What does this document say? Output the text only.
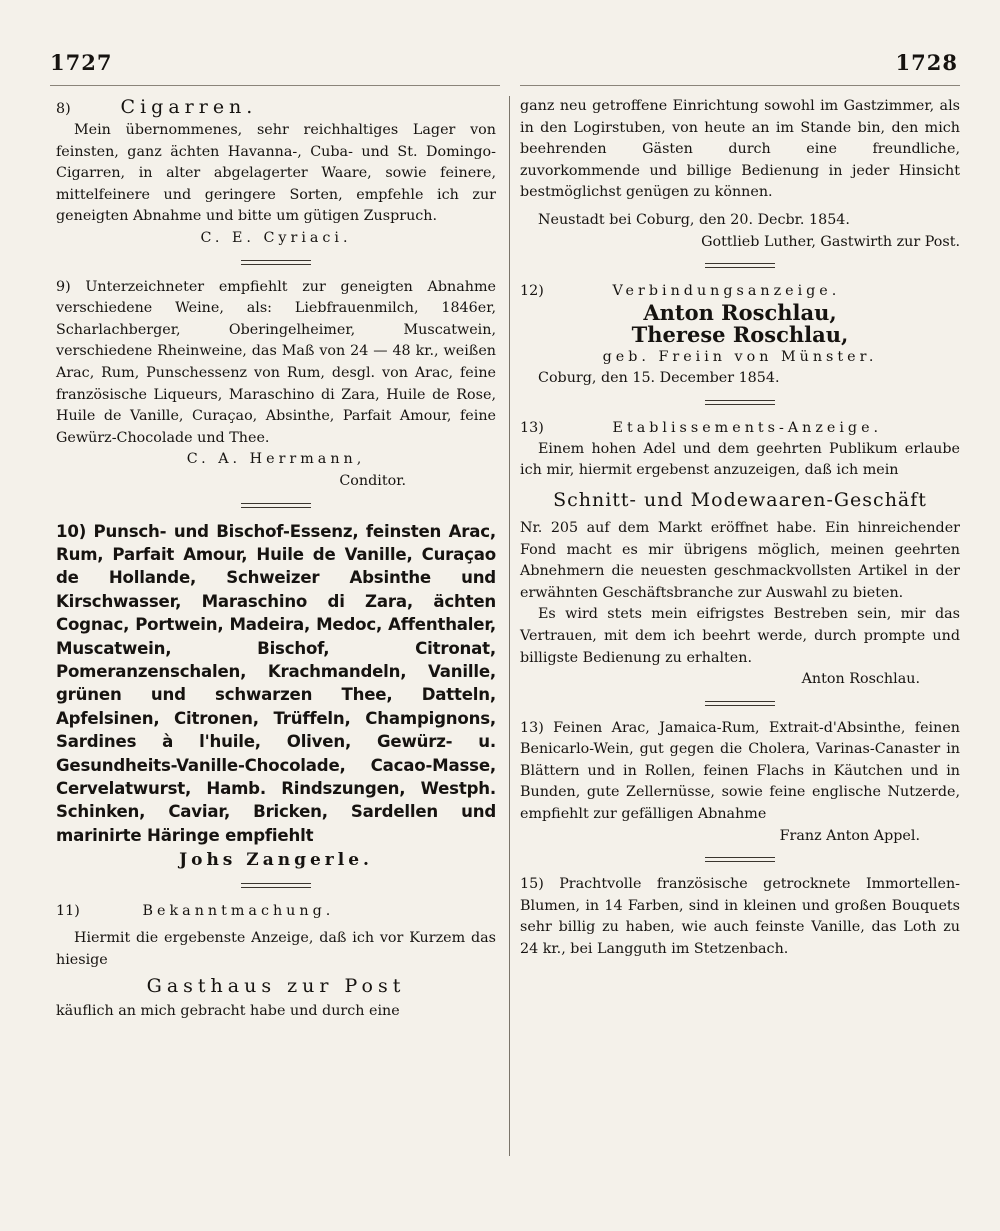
1727	1728

8)	Cigarren.

Mein übernommenes, sehr reichhaltiges Lager von feinsten, ganz ächten Havanna-, Cuba- und St. Domingo-Cigarren, in alter abgelagerter Waare, sowie feinere, mittelfeinere und geringere Sorten, empfehle ich zur geneigten Abnahme und bitte um gütigen Zuspruch.

C. E. Cyriaci.

9) Unterzeichneter empfiehlt zur geneigten Abnahme verschiedene Weine, als: Liebfrauenmilch, 1846er, Scharlachberger, Oberingelheimer, Muscatwein, verschiedene Rheinweine, das Maß von 24 — 48 kr., weißen Arac, Rum, Punschessenz von Rum, desgl. von Arac, feine französische Liqueurs, Maraschino di Zara, Huile de Rose, Huile de Vanille, Curaçao, Absinthe, Parfait Amour, feine Gewürz-Chocolade und Thee.

C. A. Herrmann,

Conditor.

10) Punsch- und Bischof-Essenz, feinsten Arac, Rum, Parfait Amour, Huile de Vanille, Curaçao de Hollande, Schweizer Absinthe und Kirschwasser, Maraschino di Zara, ächten Cognac, Portwein, Madeira, Medoc, Affenthaler, Muscatwein, Bischof, Citronat, Pomeranzenschalen, Krachmandeln, Vanille, grünen und schwarzen Thee, Datteln, Apfelsinen, Citronen, Trüffeln, Champignons, Sardines à l'huile, Oliven, Gewürz- u. Gesundheits-Vanille-Chocolade, Cacao-Masse, Cervelatwurst, Hamb. Rindszungen, Westph. Schinken, Caviar, Bricken, Sardellen und marinirte Häringe empfiehlt

Johs Zangerle.

11)	Bekanntmachung.

Hiermit die ergebenste Anzeige, daß ich vor Kurzem das hiesige

Gasthaus zur Post

käuflich an mich gebracht habe und durch eine

ganz neu getroffene Einrichtung sowohl im Gastzimmer, als in den Logirstuben, von heute an im Stande bin, den mich beehrenden Gästen durch eine freundliche, zuvorkommende und billige Bedienung in jeder Hinsicht bestmöglichst genügen zu können.

Neustadt bei Coburg, den 20. Decbr. 1854.

Gottlieb Luther, Gastwirth zur Post.

12)	Verbindungsanzeige.

Anton Roschlau,

Therese Roschlau,

geb. Freiin von Münster.

Coburg, den 15. December 1854.

13)	Etablissements-Anzeige.

Einem hohen Adel und dem geehrten Publikum erlaube ich mir, hiermit ergebenst anzuzeigen, daß ich mein

Schnitt- und Modewaaren-Geschäft

Nr. 205 auf dem Markt eröffnet habe. Ein hinreichender Fond macht es mir übrigens möglich, meinen geehrten Abnehmern die neuesten geschmackvollsten Artikel in der erwähnten Geschäftsbranche zur Auswahl zu bieten.

Es wird stets mein eifrigstes Bestreben sein, mir das Vertrauen, mit dem ich beehrt werde, durch prompte und billigste Bedienung zu erhalten.

Anton Roschlau.

13) Feinen Arac, Jamaica-Rum, Extrait-d'Absinthe, feinen Benicarlo-Wein, gut gegen die Cholera, Varinas-Canaster in Blättern und in Rollen, feinen Flachs in Käutchen und in Bunden, gute Zellernüsse, sowie feine englische Nutzerde, empfiehlt zur gefälligen Abnahme

Franz Anton Appel.

15) Prachtvolle französische getrocknete Immortellen-Blumen, in 14 Farben, sind in kleinen und großen Bouquets sehr billig zu haben, wie auch feinste Vanille, das Loth zu 24 kr., bei Langguth im Stetzenbach.
